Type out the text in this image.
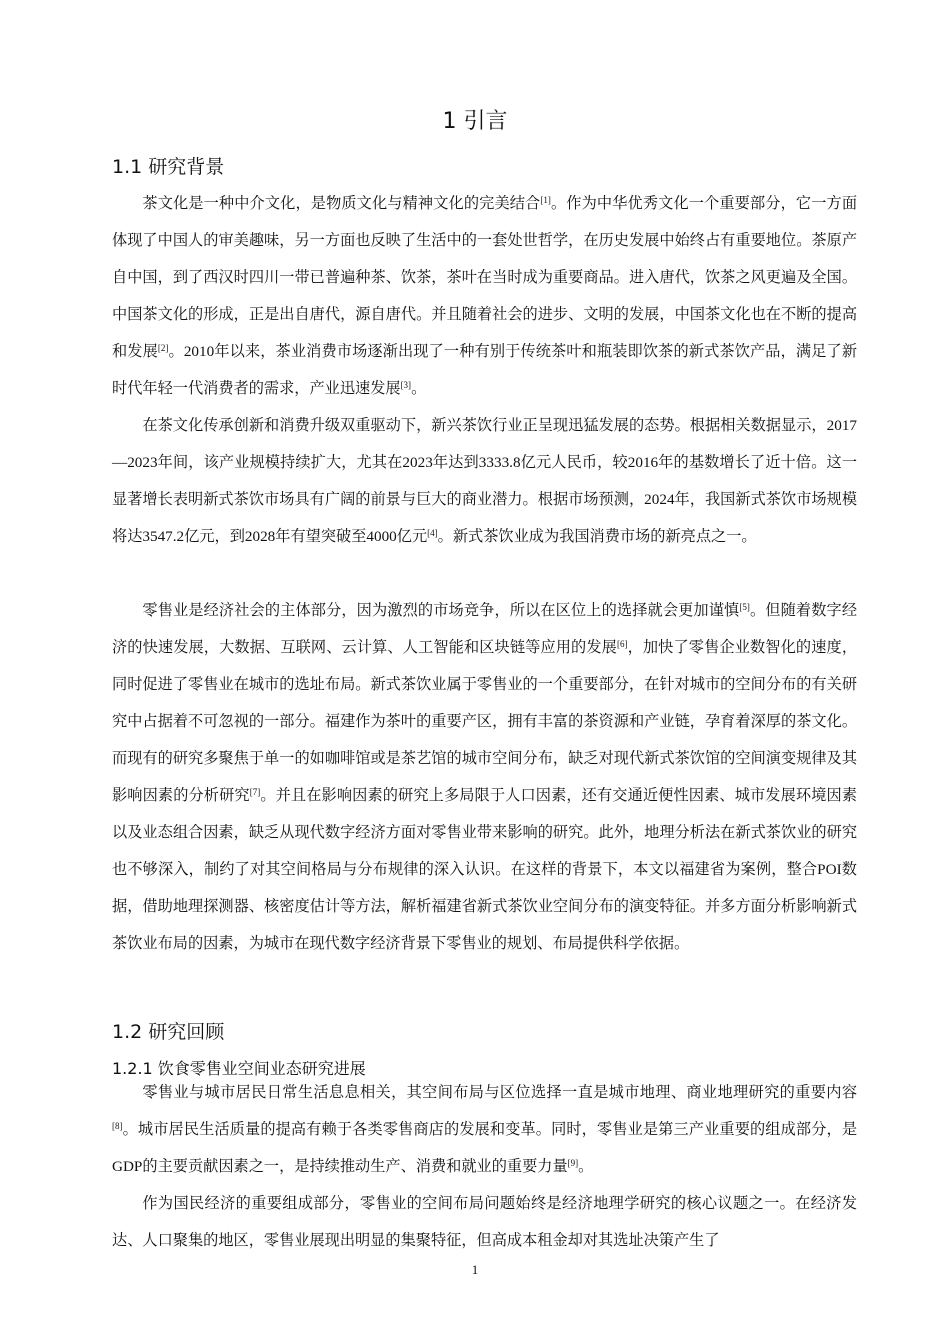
1 引言
1.1 研究背景

茶文化是一种中介文化，是物质文化与精神文化的完美结合[1]。作为中华优秀文化一个重要部分，它一方面体现了中国人的审美趣味，另一方面也反映了生活中的一套处世哲学，在历史发展中始终占有重要地位。茶原产自中国，到了西汉时四川一带已普遍种茶、饮茶，茶叶在当时成为重要商品。进入唐代，饮茶之风更遍及全国。中国茶文化的形成，正是出自唐代，源自唐代。并且随着社会的进步、文明的发展，中国茶文化也在不断的提高和发展[2]。2010年以来，茶业消费市场逐渐出现了一种有别于传统茶叶和瓶装即饮茶的新式茶饮产品，满足了新时代年轻一代消费者的需求，产业迅速发展[3]。

在茶文化传承创新和消费升级双重驱动下，新兴茶饮行业正呈现迅猛发展的态势。根据相关数据显示，2017—2023年间，该产业规模持续扩大，尤其在2023年达到3333.8亿元人民币，较2016年的基数增长了近十倍。这一显著增长表明新式茶饮市场具有广阔的前景与巨大的商业潜力。根据市场预测，2024年，我国新式茶饮市场规模将达3547.2亿元，到2028年有望突破至4000亿元[4]。新式茶饮业成为我国消费市场的新亮点之一。

零售业是经济社会的主体部分，因为激烈的市场竞争，所以在区位上的选择就会更加谨慎[5]。但随着数字经济的快速发展，大数据、互联网、云计算、人工智能和区块链等应用的发展[6]，加快了零售企业数智化的速度，同时促进了零售业在城市的选址布局。新式茶饮业属于零售业的一个重要部分，在针对城市的空间分布的有关研究中占据着不可忽视的一部分。福建作为茶叶的重要产区，拥有丰富的茶资源和产业链，孕育着深厚的茶文化。而现有的研究多聚焦于单一的如咖啡馆或是茶艺馆的城市空间分布，缺乏对现代新式茶饮馆的空间演变规律及其影响因素的分析研究[7]。并且在影响因素的研究上多局限于人口因素，还有交通近便性因素、城市发展环境因素以及业态组合因素，缺乏从现代数字经济方面对零售业带来影响的研究。此外，地理分析法在新式茶饮业的研究也不够深入，制约了对其空间格局与分布规律的深入认识。在这样的背景下，本文以福建省为案例，整合POI数据，借助地理探测器、核密度估计等方法，解析福建省新式茶饮业空间分布的演变特征。并多方面分析影响新式茶饮业布局的因素，为城市在现代数字经济背景下零售业的规划、布局提供科学依据。

1.2 研究回顾
1.2.1 饮食零售业空间业态研究进展

零售业与城市居民日常生活息息相关，其空间布局与区位选择一直是城市地理、商业地理研究的重要内容[8]。城市居民生活质量的提高有赖于各类零售商店的发展和变革。同时，零售业是第三产业重要的组成部分，是GDP的主要贡献因素之一，是持续推动生产、消费和就业的重要力量[9]。

作为国民经济的重要组成部分，零售业的空间布局问题始终是经济地理学研究的核心议题之一。在经济发达、人口聚集的地区，零售业展现出明显的集聚特征，但高成本租金却对其选址决策产生了

1
